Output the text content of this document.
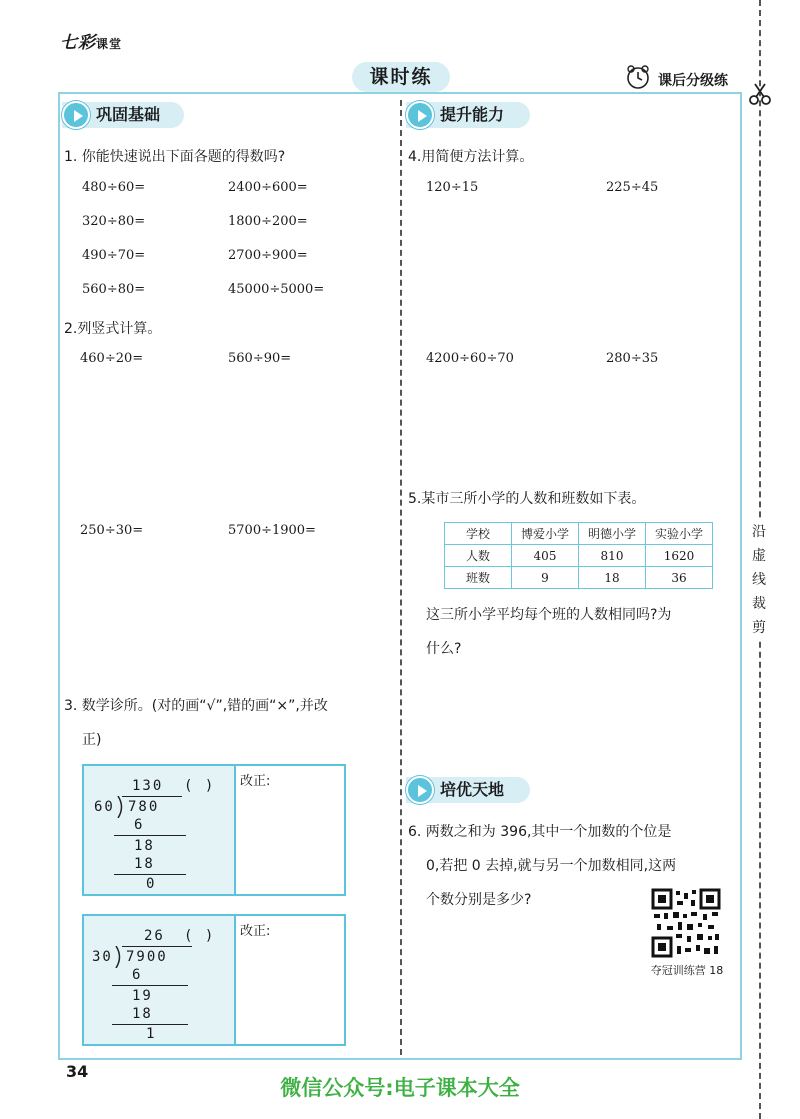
七彩课堂
课时练	课后分级练
沿
虚
线
裁
剪
巩固基础
1. 你能快速说出下面各题的得数吗?
480÷60=	2400÷600=
320÷80=	1800÷200=
490÷70=	2700÷900=
560÷80=	45000÷5000=
2.列竖式计算。
460÷20=	560÷90=
250÷30=	5700÷1900=
3. 数学诊所。(对的画“√”,错的画“×”,并改
正)
130 ( )
60 780
6
18
18
0
改正:
26 ( )
30 7900
6
19
18
1
改正:
提升能力
4.用简便方法计算。
120÷15	225÷45
4200÷60÷70	280÷35
5.某市三所小学的人数和班数如下表。
学校	博爱小学	明德小学	实验小学
人数	405	810	1620
班数	9	18	36
这三所小学平均每个班的人数相同吗?为
什么?
培优天地
6. 两数之和为 396,其中一个加数的个位是
0,若把 0 去掉,就与另一个加数相同,这两
个数分别是多少?
夺冠训练营 18
34
微信公众号:电子课本大全
